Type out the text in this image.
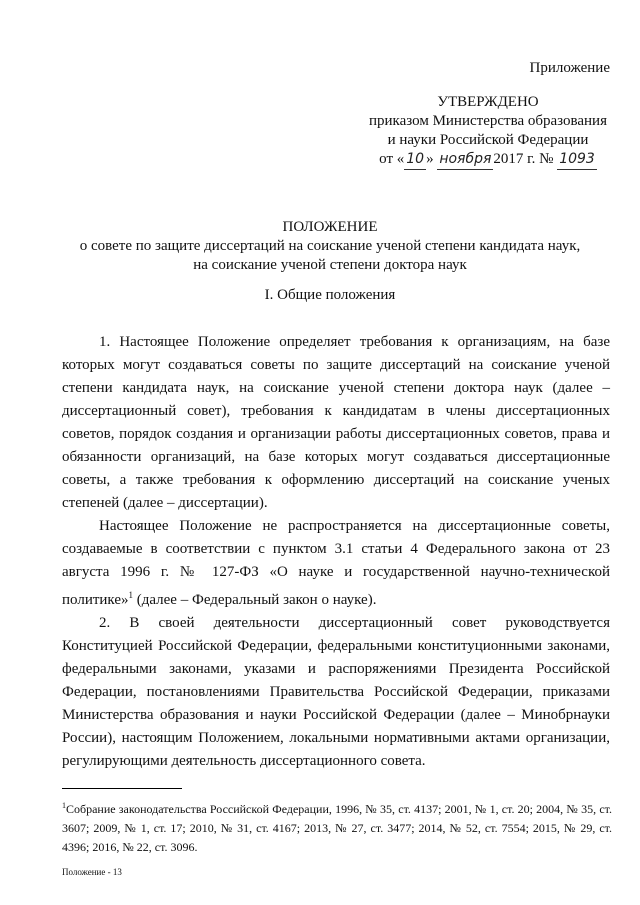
Приложение
УТВЕРЖДЕНО
приказом Министерства образования
и науки Российской Федерации
от « 10 » ноября 2017 г. № 1093
ПОЛОЖЕНИЕ
о совете по защите диссертаций на соискание ученой степени кандидата наук,
на соискание ученой степени доктора наук
I. Общие положения

1. Настоящее Положение определяет требования к организациям, на базе которых могут создаваться советы по защите диссертаций на соискание ученой степени кандидата наук, на соискание ученой степени доктора наук (далее – диссертационный совет), требования к кандидатам в члены диссертационных советов, порядок создания и организации работы диссертационных советов, права и обязанности организаций, на базе которых могут создаваться диссертационные советы, а также требования к оформлению диссертаций на соискание ученых степеней (далее – диссертации).

Настоящее Положение не распространяется на диссертационные советы, создаваемые в соответствии с пунктом 3.1 статьи 4 Федерального закона от 23 августа 1996 г. № 127-ФЗ «О науке и государственной научно-технической политике»$^1$ (далее – Федеральный закон о науке).

2. В своей деятельности диссертационный совет руководствуется Конституцией Российской Федерации, федеральными конституционными законами, федеральными законами, указами и распоряжениями Президента Российской Федерации, постановлениями Правительства Российской Федерации, приказами Министерства образования и науки Российской Федерации (далее – Минобрнауки России), настоящим Положением, локальными нормативными актами организации, регулирующими деятельность диссертационного совета.

$^1$Собрание законодательства Российской Федерации, 1996, № 35, ст. 4137; 2001, № 1, ст. 20; 2004, № 35, ст. 3607; 2009, № 1, ст. 17; 2010, № 31, ст. 4167; 2013, № 27, ст. 3477; 2014, № 52, ст. 7554; 2015, № 29, ст. 4396; 2016, № 22, ст. 3096.
Положение - 13
